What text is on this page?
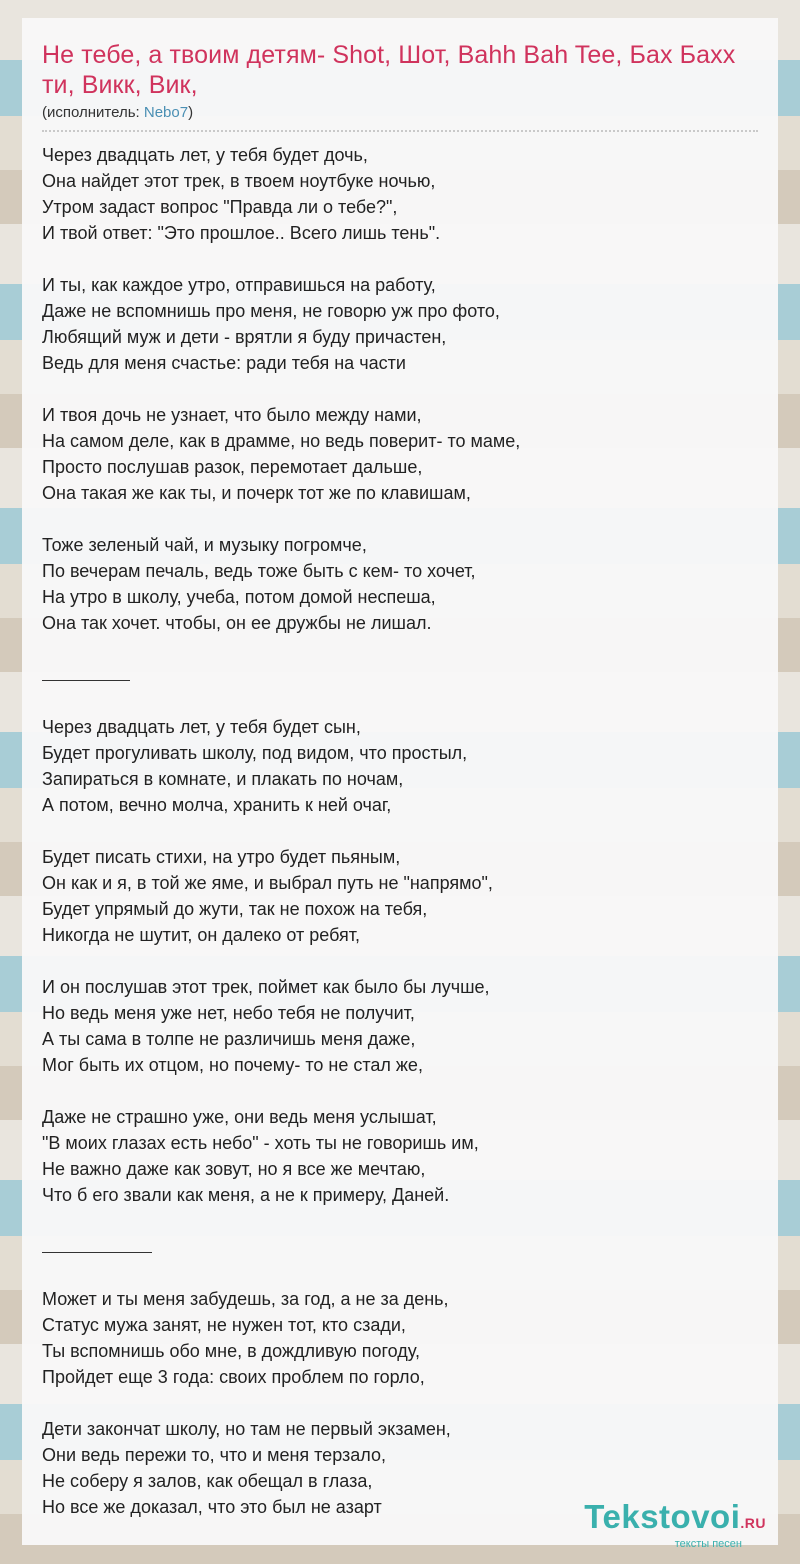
Не тебе, а твоим детям- Shot, Шот, Bahh Bah Tee, Бах Бахх ти, Викк, Вик,
(исполнитель: Nebo7)
Через двадцать лет, у тебя будет дочь,
Она найдет этот трек, в твоем ноутбуке ночью,
Утром задаст вопрос "Правда ли о тебе?",
И твой ответ: "Это прошлое.. Всего лишь тень".
И ты, как каждое утро, отправишься на работу,
Даже не вспомнишь про меня, не говорю уж про фото,
Любящий муж и дети - врятли я буду причастен,
Ведь для меня счастье: ради тебя на части
И твоя дочь не узнает, что было между нами,
На самом деле, как в драмме, но ведь поверит- то маме,
Просто послушав разок, перемотает дальше,
Она такая же как ты, и почерк тот же по клавишам,
Тоже зеленый чай, и музыку погромче,
По вечерам печаль, ведь тоже быть с кем- то хочет,
На утро в школу, учеба, потом домой неспеша,
Она так хочет. чтобы, он ее дружбы не лишал.
Через двадцать лет, у тебя будет сын,
Будет прогуливать школу, под видом, что простыл,
Запираться в комнате, и плакать по ночам,
А потом, вечно молча, хранить к ней очаг,
Будет писать стихи, на утро будет пьяным,
Он как и я, в той же яме, и выбрал путь не "напрямо",
Будет упрямый до жути, так не похож на тебя,
Никогда не шутит, он далеко от ребят,
И он послушав этот трек, поймет как было бы лучше,
Но ведь меня уже нет, небо тебя не получит,
А ты сама в толпе не различишь меня даже,
Мог быть их отцом, но почему- то не стал же,
Даже не страшно уже, они ведь меня услышат,
"В моих глазах есть небо" - хоть ты не говоришь им,
Не важно даже как зовут, но я все же мечтаю,
Что б его звали как меня, а не к примеру, Даней.
Может и ты меня забудешь, за год, а не за день,
Статус мужа занят, не нужен тот, кто сзади,
Ты вспомнишь обо мне, в дождливую погоду,
Пройдет еще 3 года: своих проблем по горло,
Дети закончат школу, но там не первый экзамен,
Они ведь пережи то, что и меня терзало,
Не соберу я залов, как обещал в глаза,
Но все же доказал, что это был не азарт	Tekstovoi.RU
тексты песен
